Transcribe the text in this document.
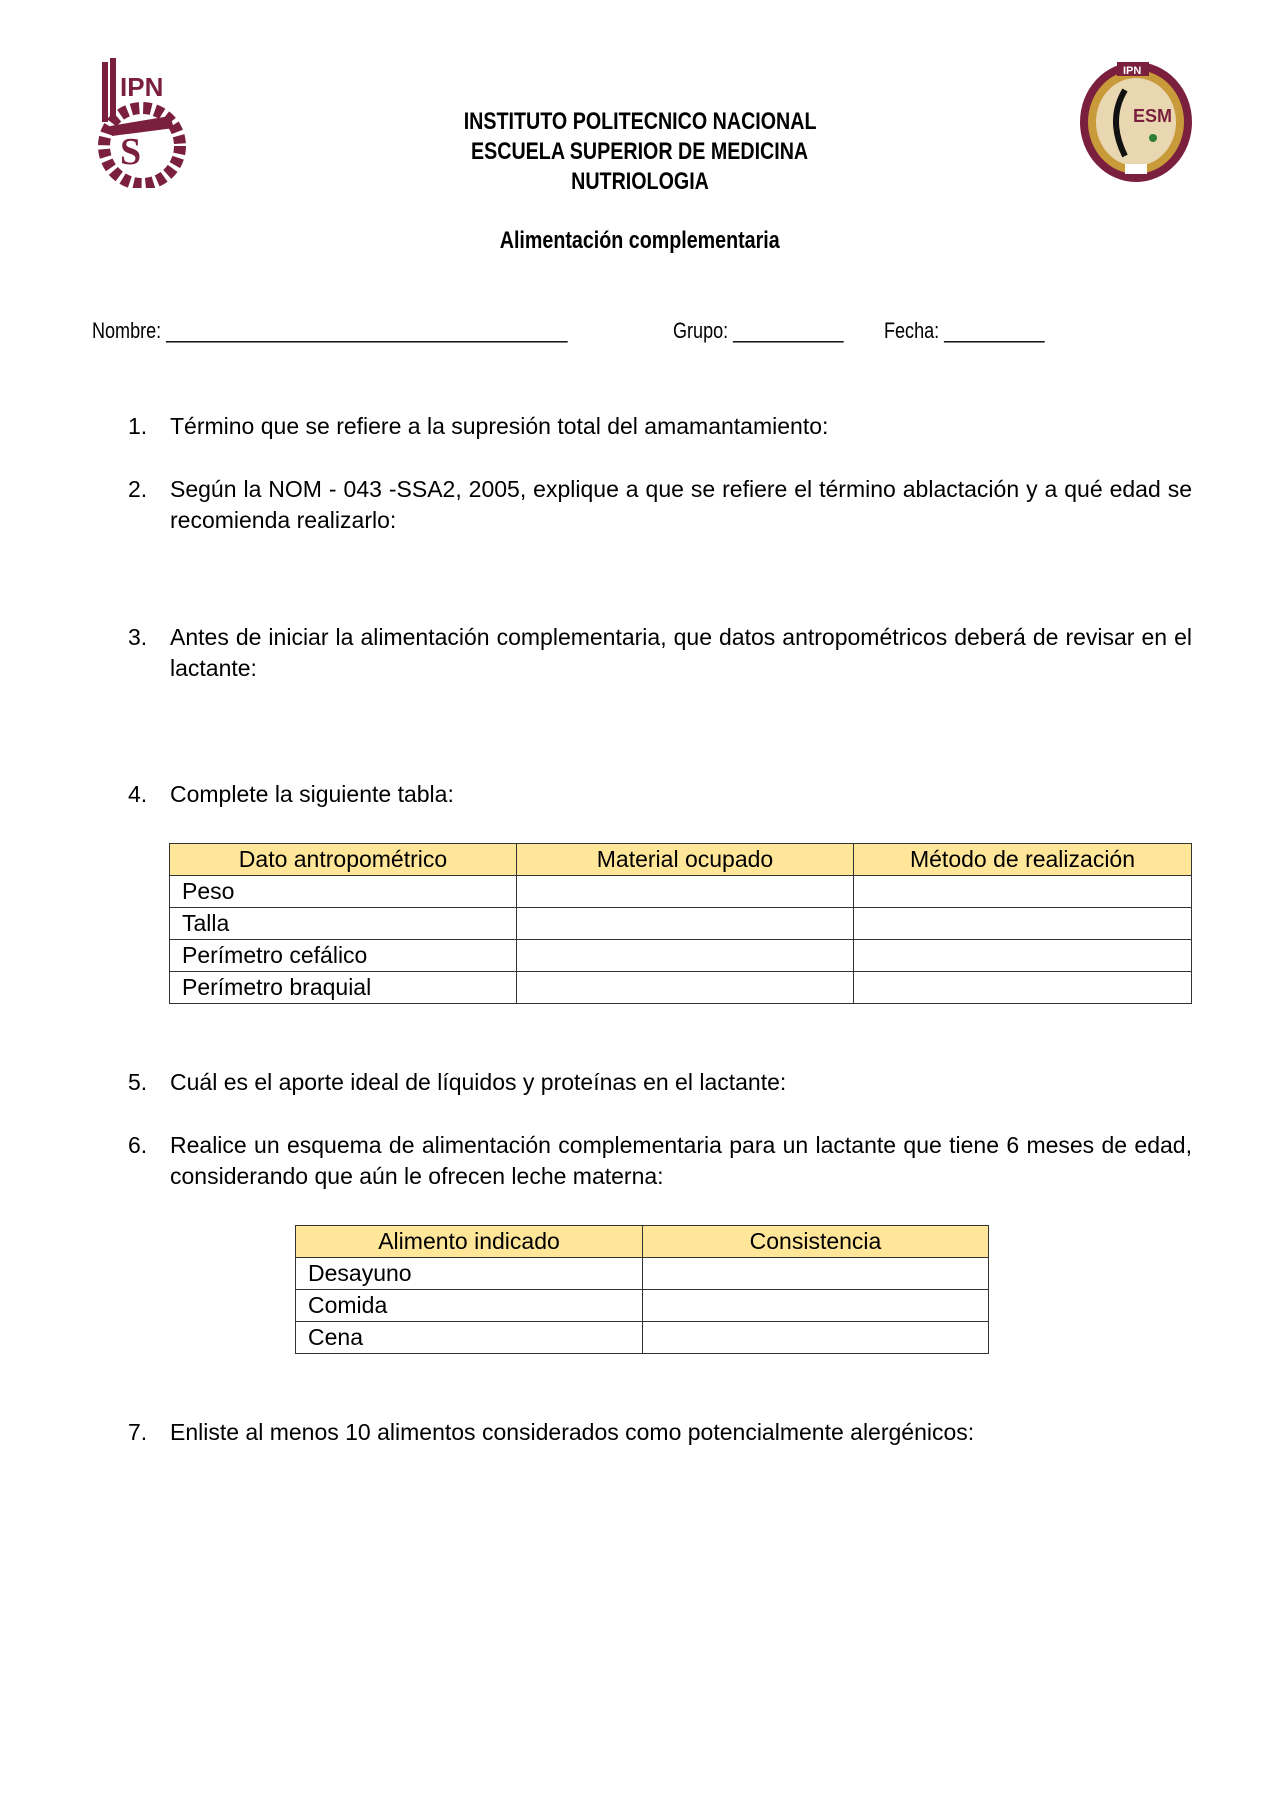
IPN
S
ESM
IPN
INSTITUTO POLITECNICO NACIONAL
ESCUELA SUPERIOR DE MEDICINA
NUTRIOLOGIA
Alimentación complementaria
Nombre: ________________________________________	Grupo: ___________	Fecha: __________
1. Término que se refiere a la supresión total del amamantamiento:
2. Según la NOM - 043 -SSA2, 2005, explique a que se refiere el término ablactación y a qué edad se recomienda realizarlo:
3. Antes de iniciar la alimentación complementaria, que datos antropométricos deberá de revisar en el lactante:
4. Complete la siguiente tabla:
Dato antropométrico	Material ocupado	Método de realización
Peso		
Talla		
Perímetro cefálico		
Perímetro braquial		
5. Cuál es el aporte ideal de líquidos y proteínas en el lactante:
6. Realice un esquema de alimentación complementaria para un lactante que tiene 6 meses de edad, considerando que aún le ofrecen leche materna:
Alimento indicado	Consistencia
Desayuno	
Comida	
Cena	
7. Enliste al menos 10 alimentos considerados como potencialmente alergénicos:
